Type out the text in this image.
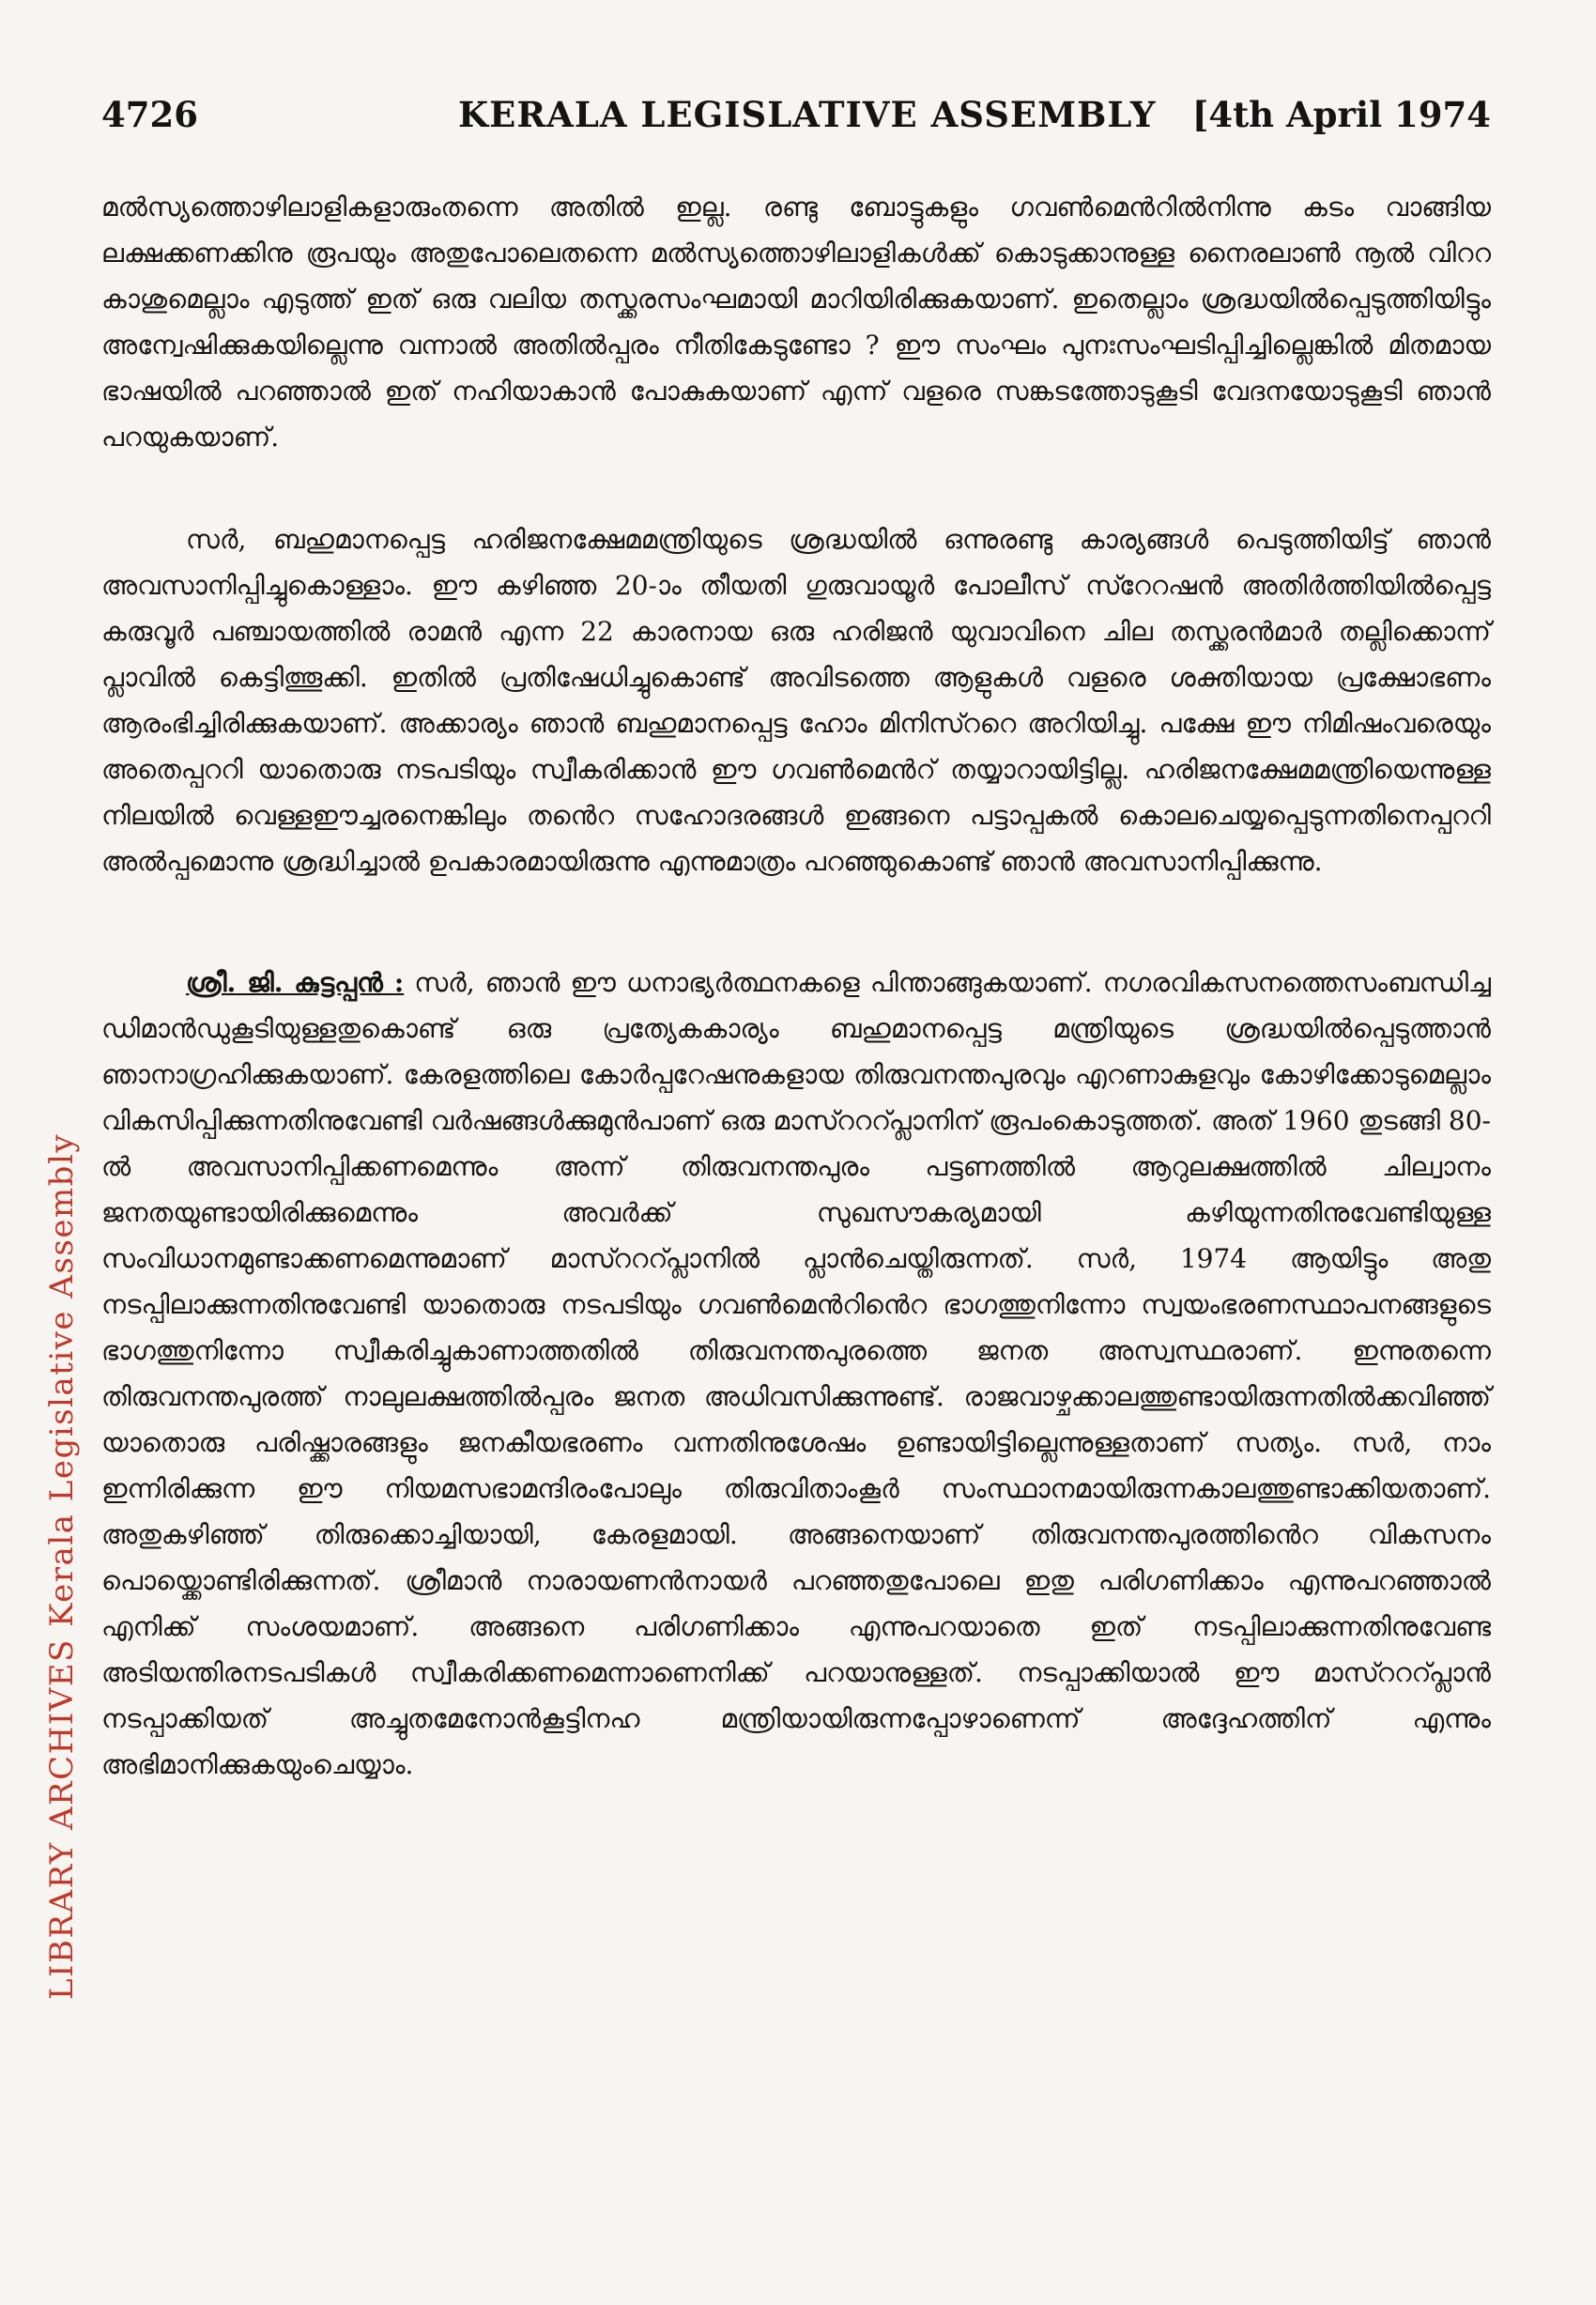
4726	KERALA LEGISLATIVE ASSEMBLY [4th April 1974
LIBRARY ARCHIVES Kerala Legislative Assembly

മൽസ്യത്തൊഴിലാളികളാരുംതന്നെ അതിൽ ഇല്ല. രണ്ടു ബോട്ടുകളും ഗവൺമെൻറിൽനിന്നു കടം വാങ്ങിയ ലക്ഷക്കണക്കിനു രൂപയും അതുപോലെതന്നെ മൽസ്യത്തൊഴിലാളികൾക്ക് കൊടുക്കാനുള്ള നൈരലാൺ നൂൽ വിററ കാശുമെല്ലാം എടുത്ത് ഇത് ഒരു വലിയ തസ്ക്കരസംഘമായി മാറിയിരിക്കുകയാണ്. ഇതെല്ലാം ശ്രദ്ധയിൽപ്പെടുത്തിയിട്ടും അന്വേഷിക്കുകയില്ലെന്നു വന്നാൽ അതിൽപ്പരം നീതികേടുണ്ടോ ? ഈ സംഘം പുനഃസംഘടിപ്പിച്ചില്ലെങ്കിൽ മിതമായ ഭാഷയിൽ പറഞ്ഞാൽ ഇത് നഹിയാകാൻ പോകുകയാണ് എന്ന് വളരെ സങ്കടത്തോടുകൂടി വേദനയോടുകൂടി ഞാൻ പറയുകയാണ്.

സർ, ബഹുമാനപ്പെട്ട ഹരിജനക്ഷേമമന്ത്രിയുടെ ശ്രദ്ധയിൽ ഒന്നുരണ്ടു കാര്യങ്ങൾ പെടുത്തിയിട്ട് ഞാൻ അവസാനിപ്പിച്ചുകൊള്ളാം. ഈ കഴിഞ്ഞ 20-ാം തീയതി ഗുരുവായൂർ പോലീസ് സ്റേറഷൻ അതിർത്തിയിൽപ്പെട്ട കരുവൂർ പഞ്ചായത്തിൽ രാമൻ എന്ന 22 കാരനായ ഒരു ഹരിജൻ യുവാവിനെ ചില തസ്ക്കരൻമാർ തല്ലിക്കൊന്ന് പ്ലാവിൽ കെട്ടിത്തൂക്കി. ഇതിൽ പ്രതിഷേധിച്ചുകൊണ്ട് അവിടത്തെ ആളുകൾ വളരെ ശക്തിയായ പ്രക്ഷോഭണം ആരംഭിച്ചിരിക്കുകയാണ്. അക്കാര്യം ഞാൻ ബഹുമാനപ്പെട്ട ഹോം മിനിസ്ററെ അറിയിച്ചു. പക്ഷേ ഈ നിമിഷംവരെയും അതെപ്പററി യാതൊരു നടപടിയും സ്വീകരിക്കാൻ ഈ ഗവൺമെൻറ് തയ്യാറായിട്ടില്ല. ഹരിജനക്ഷേമമന്ത്രിയെന്നുള്ള നിലയിൽ വെള്ളഈച്ചരനെങ്കിലും തൻെറ സഹോദരങ്ങൾ ഇങ്ങനെ പട്ടാപ്പകൽ കൊലചെയ്യപ്പെടുന്നതിനെപ്പററി അൽപ്പമൊന്നു ശ്രദ്ധിച്ചാൽ ഉപകാരമായിരുന്നു എന്നുമാത്രം പറഞ്ഞുകൊണ്ട് ഞാൻ അവസാനിപ്പിക്കുന്നു.

ശ്രീ. ജി. കുട്ടപ്പൻ : സർ, ഞാൻ ഈ ധനാഭ്യർത്ഥനകളെ പിന്താങ്ങുകയാണ്. നഗരവികസനത്തെസംബന്ധിച്ച ഡിമാൻഡുകൂടിയുള്ളതുകൊണ്ട് ഒരു പ്രത്യേകകാര്യം ബഹുമാനപ്പെട്ട മന്ത്രിയുടെ ശ്രദ്ധയിൽപ്പെടുത്താൻ ഞാനാഗ്രഹിക്കുകയാണ്. കേരളത്തിലെ കോർപ്പറേഷനുകളായ തിരുവനന്തപുരവും എറണാകുളവും കോഴിക്കോടുമെല്ലാം വികസിപ്പിക്കുന്നതിനുവേണ്ടി വർഷങ്ങൾക്കുമുൻപാണ് ഒരു മാസ്റററ്പ്ലാനിന് രൂപംകൊടുത്തത്. അത് 1960 തുടങ്ങി 80-ൽ അവസാനിപ്പിക്കണമെന്നും അന്ന് തിരുവനന്തപുരം പട്ടണത്തിൽ ആറുലക്ഷത്തിൽ ചില്വാനം ജനതയുണ്ടായിരിക്കുമെന്നും അവർക്ക് സുഖസൗകര്യമായി കഴിയുന്നതിനുവേണ്ടിയുള്ള സംവിധാനമുണ്ടാക്കണമെന്നുമാണ് മാസ്റററ്പ്ലാനിൽ പ്ലാൻചെയ്തിരുന്നത്. സർ, 1974 ആയിട്ടും അതു നടപ്പിലാക്കുന്നതിനുവേണ്ടി യാതൊരു നടപടിയും ഗവൺമെൻറിൻെറ ഭാഗത്തുനിന്നോ സ്വയംഭരണസ്ഥാപനങ്ങളുടെ ഭാഗത്തുനിന്നോ സ്വീകരിച്ചുകാണാത്തതിൽ തിരുവനന്തപുരത്തെ ജനത അസ്വസ്ഥരാണ്. ഇന്നുതന്നെ തിരുവനന്തപുരത്ത് നാലുലക്ഷത്തിൽപ്പരം ജനത അധിവസിക്കുന്നുണ്ട്. രാജവാഴ്ചക്കാലത്തുണ്ടായിരുന്നതിൽക്കവിഞ്ഞ് യാതൊരു പരിഷ്ക്കാരങ്ങളും ജനകീയഭരണം വന്നതിനുശേഷം ഉണ്ടായിട്ടില്ലെന്നുള്ളതാണ് സത്യം. സർ, നാം ഇന്നിരിക്കുന്ന ഈ നിയമസഭാമന്ദിരംപോലും തിരുവിതാംകൂർ സംസ്ഥാനമായിരുന്നകാലത്തുണ്ടാക്കിയതാണ്. അതുകഴിഞ്ഞ് തിരുക്കൊച്ചിയായി, കേരളമായി. അങ്ങനെയാണ് തിരുവനന്തപുരത്തിൻെറ വികസനം പൊയ്ക്കൊണ്ടിരിക്കുന്നത്. ശ്രീമാൻ നാരായണൻനായർ പറഞ്ഞതുപോലെ ഇതു പരിഗണിക്കാം എന്നുപറഞ്ഞാൽ എനിക്ക് സംശയമാണ്. അങ്ങനെ പരിഗണിക്കാം എന്നുപറയാതെ ഇത് നടപ്പിലാക്കുന്നതിനുവേണ്ട അടിയന്തിരനടപടികൾ സ്വീകരിക്കണമെന്നാണെനിക്ക് പറയാനുള്ളത്. നടപ്പാക്കിയാൽ ഈ മാസ്റററ്പ്ലാൻ നടപ്പാക്കിയത് അച്ചുതമേനോൻകൂട്ടിനഹ മന്ത്രിയായിരുന്നപ്പോഴാണെന്ന് അദ്ദേഹത്തിന് എന്നും അഭിമാനിക്കുകയുംചെയ്യാം.
